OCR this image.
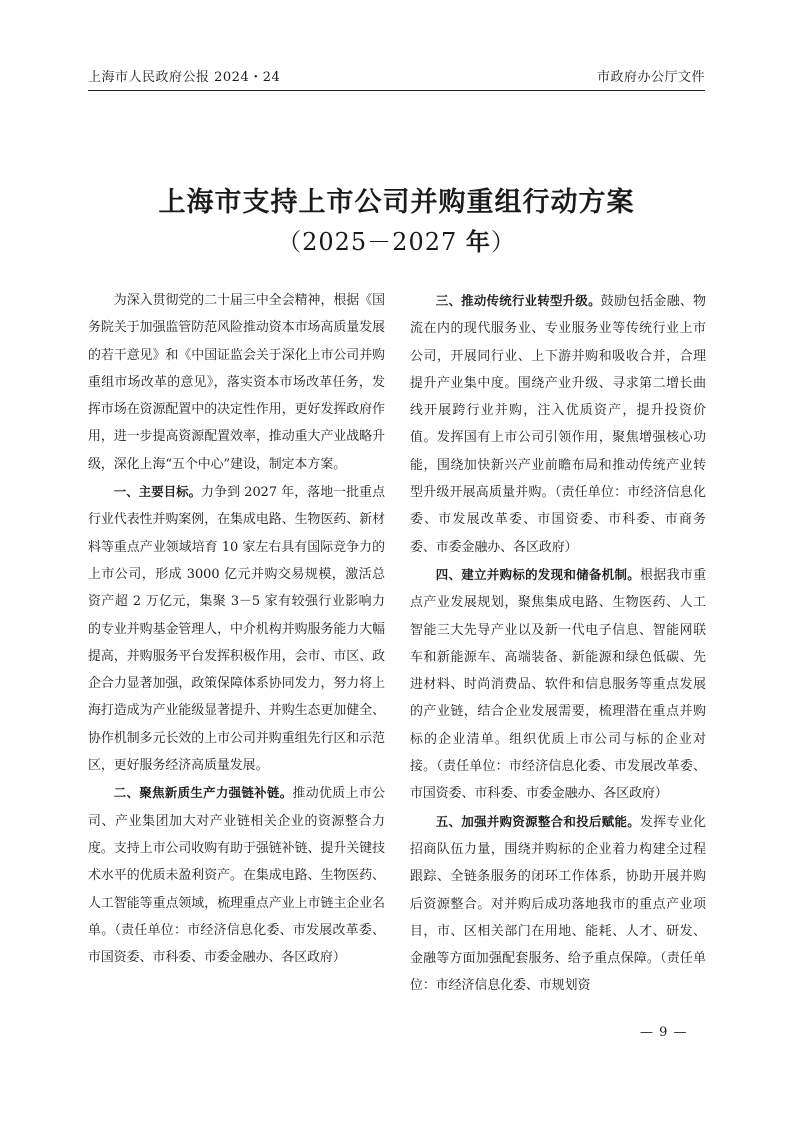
上海市人民政府公报 2024・24	市政府办公厅文件
上海市支持上市公司并购重组行动方案
（2025－2027 年）

为深入贯彻党的二十届三中全会精神，根据《国务院关于加强监管防范风险推动资本市场高质量发展的若干意见》和《中国证监会关于深化上市公司并购重组市场改革的意见》，落实资本市场改革任务，发挥市场在资源配置中的决定性作用，更好发挥政府作用，进一步提高资源配置效率，推动重大产业战略升级，深化上海“五个中心”建设，制定本方案。

一、主要目标。力争到 2027 年，落地一批重点行业代表性并购案例，在集成电路、生物医药、新材料等重点产业领域培育 10 家左右具有国际竞争力的上市公司，形成 3000 亿元并购交易规模，激活总资产超 2 万亿元，集聚 3－5 家有较强行业影响力的专业并购基金管理人，中介机构并购服务能力大幅提高，并购服务平台发挥积极作用，会市、市区、政企合力显著加强，政策保障体系协同发力，努力将上海打造成为产业能级显著提升、并购生态更加健全、协作机制多元长效的上市公司并购重组先行区和示范区，更好服务经济高质量发展。

二、聚焦新质生产力强链补链。推动优质上市公司、产业集团加大对产业链相关企业的资源整合力度。支持上市公司收购有助于强链补链、提升关键技术水平的优质未盈利资产。在集成电路、生物医药、人工智能等重点领域，梳理重点产业上市链主企业名单。（责任单位：市经济信息化委、市发展改革委、市国资委、市科委、市委金融办、各区政府）

三、推动传统行业转型升级。鼓励包括金融、物流在内的现代服务业、专业服务业等传统行业上市公司，开展同行业、上下游并购和吸收合并，合理提升产业集中度。围绕产业升级、寻求第二增长曲线开展跨行业并购，注入优质资产，提升投资价值。发挥国有上市公司引领作用，聚焦增强核心功能，围绕加快新兴产业前瞻布局和推动传统产业转型升级开展高质量并购。（责任单位：市经济信息化委、市发展改革委、市国资委、市科委、市商务委、市委金融办、各区政府）

四、建立并购标的发现和储备机制。根据我市重点产业发展规划，聚焦集成电路、生物医药、人工智能三大先导产业以及新一代电子信息、智能网联车和新能源车、高端装备、新能源和绿色低碳、先进材料、时尚消费品、软件和信息服务等重点发展的产业链，结合企业发展需要，梳理潜在重点并购标的企业清单。组织优质上市公司与标的企业对接。（责任单位：市经济信息化委、市发展改革委、市国资委、市科委、市委金融办、各区政府）

五、加强并购资源整合和投后赋能。发挥专业化招商队伍力量，围绕并购标的企业着力构建全过程跟踪、全链条服务的闭环工作体系，协助开展并购后资源整合。对并购后成功落地我市的重点产业项目，市、区相关部门在用地、能耗、人才、研发、金融等方面加强配套服务、给予重点保障。（责任单位：市经济信息化委、市规划资

— 9 —
